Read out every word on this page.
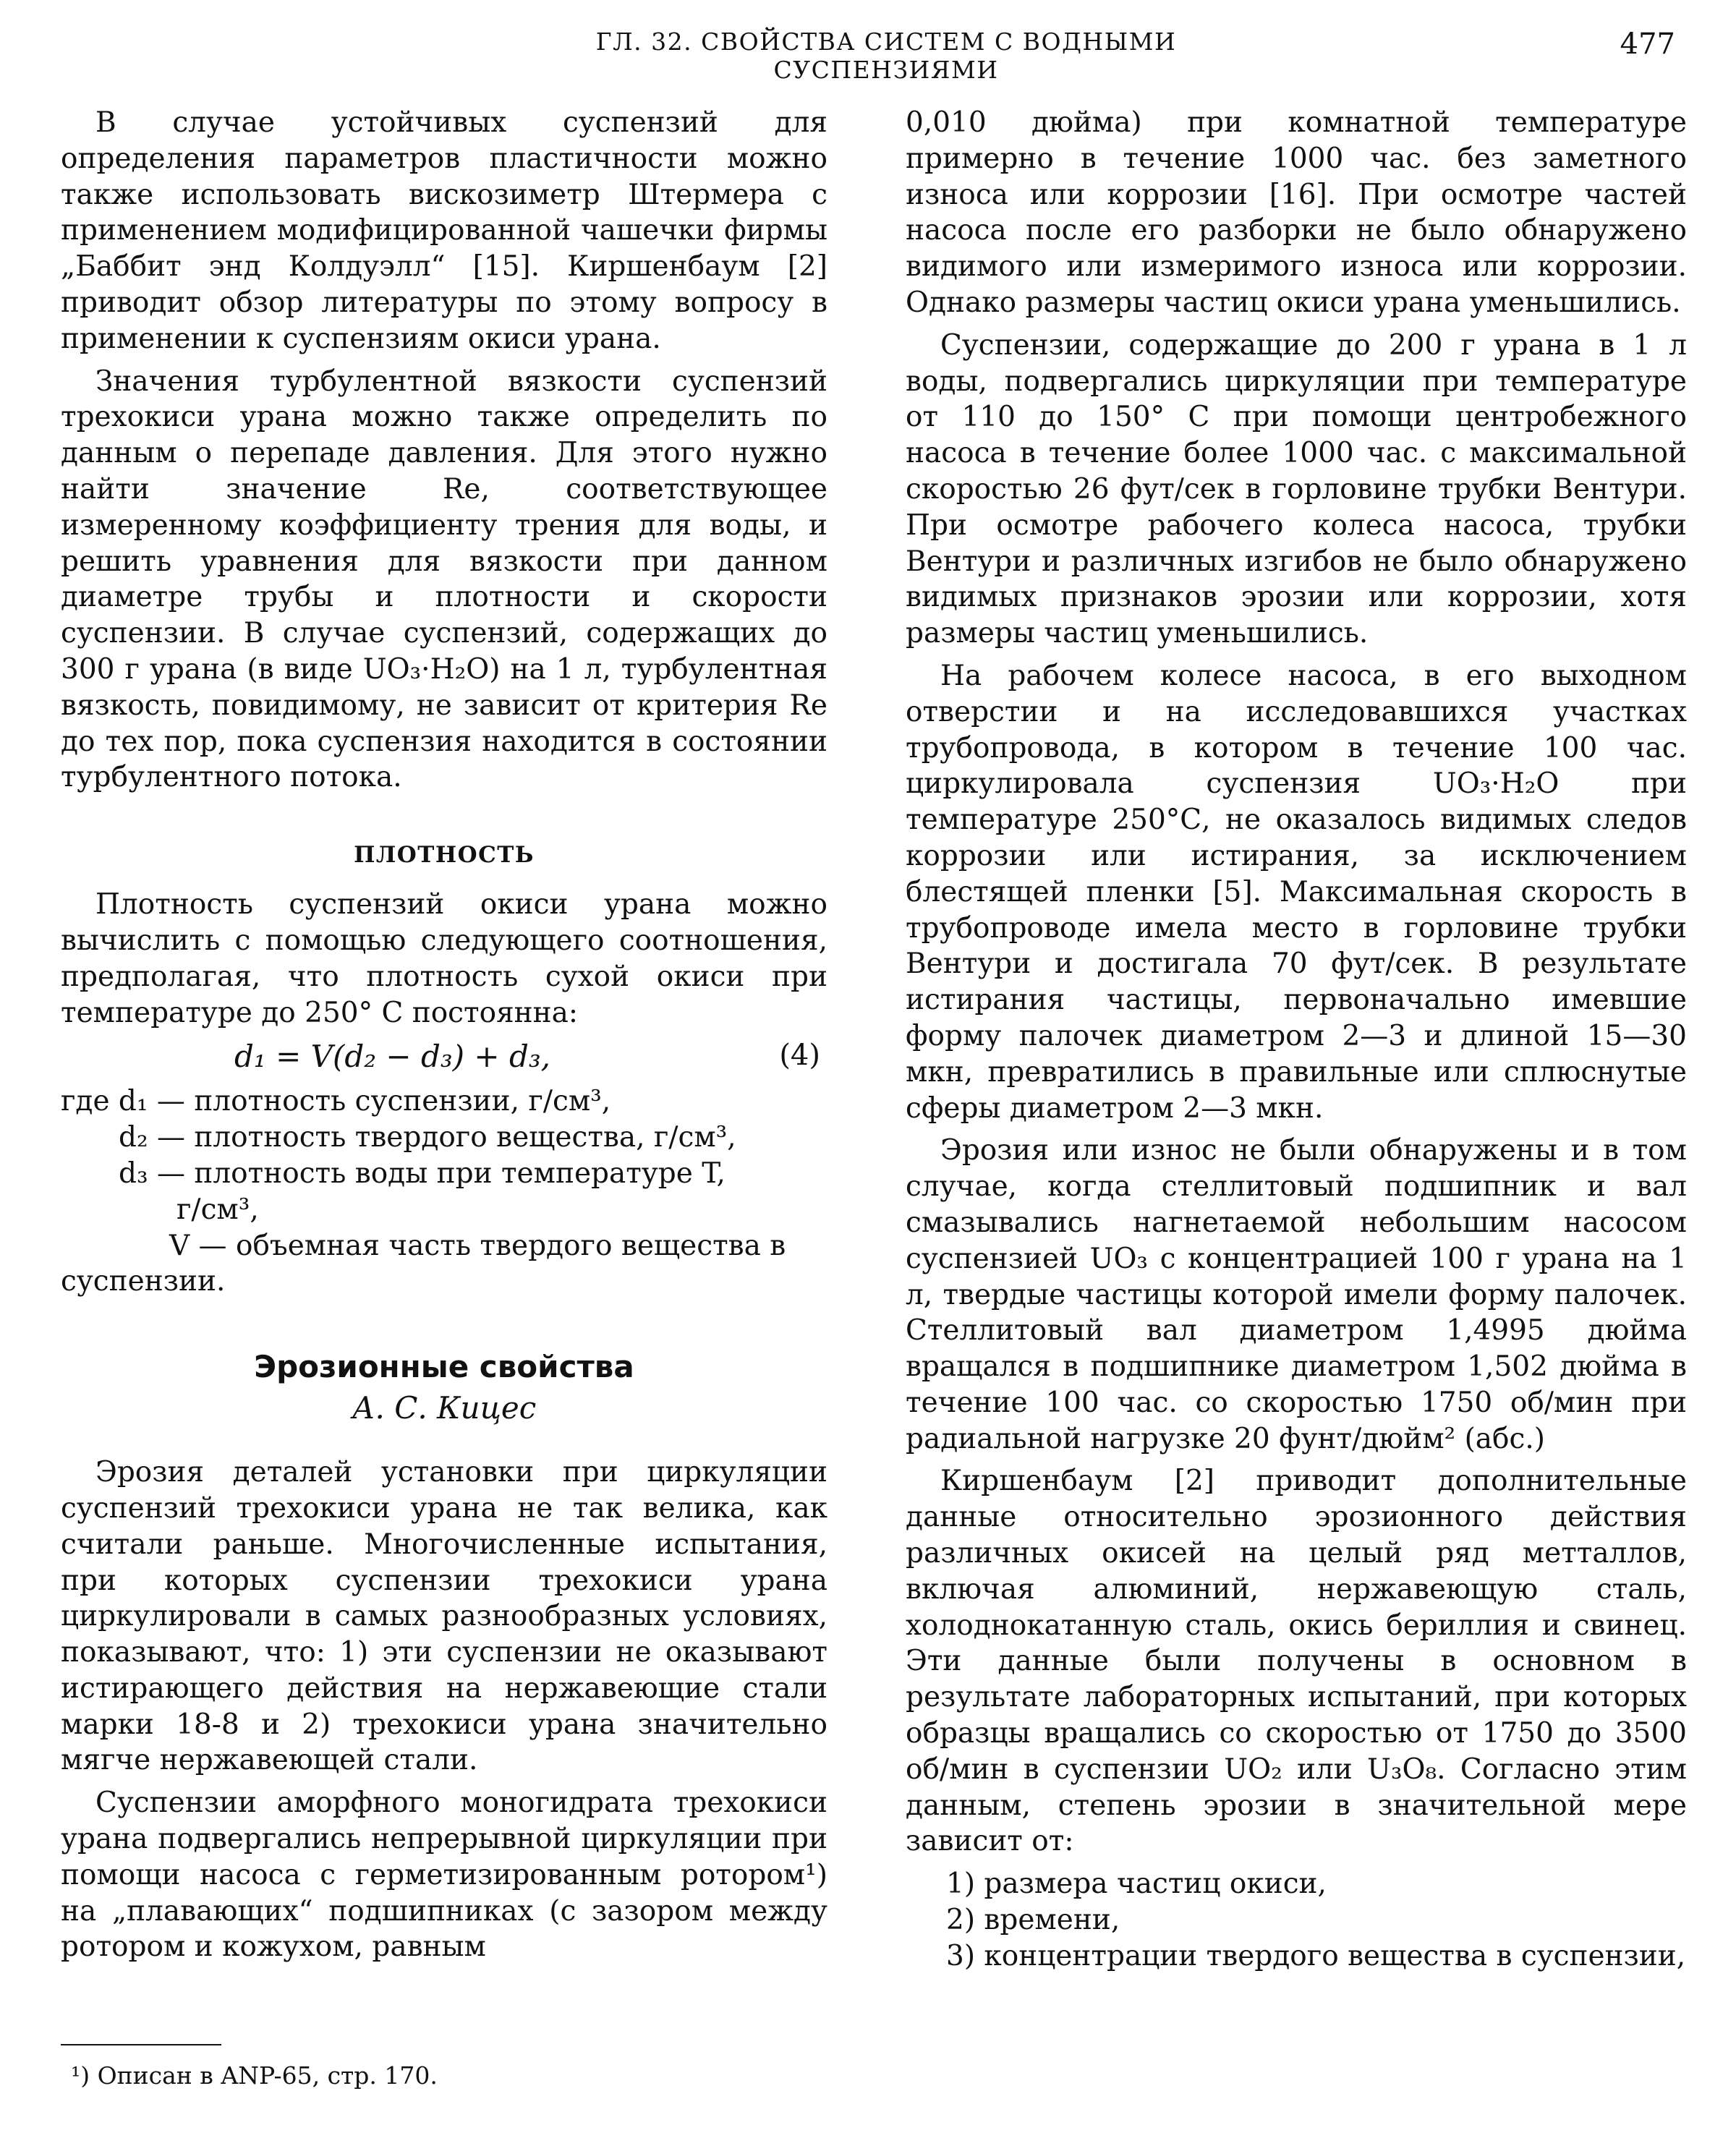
ГЛ. 32. СВОЙСТВА СИСТЕМ С ВОДНЫМИ СУСПЕНЗИЯМИ
477

В случае устойчивых суспензий для определения параметров пластичности можно также использовать вискозиметр Штермера с применением модифицированной чашечки фирмы „Баббит энд Колдуэлл“ [15]. Киршенбаум [2] приводит обзор литературы по этому вопросу в применении к суспензиям окиси урана.

Значения турбулентной вязкости суспензий трехокиси урана можно также определить по данным о перепаде давления. Для этого нужно найти значение Re, соответствующее измеренному коэффициенту трения для воды, и решить уравнения для вязкости при данном диаметре трубы и плотности и скорости суспензии. В случае суспензий, содержащих до 300 г урана (в виде UO₃·H₂O) на 1 л, турбулентная вязкость, повидимому, не зависит от критерия Re до тех пор, пока суспензия находится в состоянии турбулентного потока.

ПЛОТНОСТЬ

Плотность суспензий окиси урана можно вычислить с помощью следующего соотношения, предполагая, что плотность сухой окиси при температуре до 250° С постоянна:

d₁ = V(d₂ − d₃) + d₃,	(4)
где d₁ — плотность суспензии, г/см³,
d₂ — плотность твердого вещества, г/см³,
d₃ — плотность воды при температуре T,
г/см³,
V — объемная часть твердого вещества в
суспензии.
Эрозионные свойства
А. С. Кицес

Эрозия деталей установки при циркуляции суспензий трехокиси урана не так велика, как считали раньше. Многочисленные испытания, при которых суспензии трехокиси урана циркулировали в самых разнообразных условиях, показывают, что: 1) эти суспензии не оказывают истирающего действия на нержавеющие стали марки 18-8 и 2) трехокиси урана значительно мягче нержавеющей стали.

Суспензии аморфного моногидрата трехокиси урана подвергались непрерывной циркуляции при помощи насоса с герметизированным ротором¹) на „плавающих“ подшипниках (с зазором между ротором и кожухом, равным

¹) Описан в ANP-65, стр. 170.

0,010 дюйма) при комнатной температуре примерно в течение 1000 час. без заметного износа или коррозии [16]. При осмотре частей насоса после его разборки не было обнаружено видимого или измеримого износа или коррозии. Однако размеры частиц окиси урана уменьшились.

Суспензии, содержащие до 200 г урана в 1 л воды, подвергались циркуляции при температуре от 110 до 150° С при помощи центробежного насоса в течение более 1000 час. с максимальной скоростью 26 фут/сек в горловине трубки Вентури. При осмотре рабочего колеса насоса, трубки Вентури и различных изгибов не было обнаружено видимых признаков эрозии или коррозии, хотя размеры частиц уменьшились.

На рабочем колесе насоса, в его выходном отверстии и на исследовавшихся участках трубопровода, в котором в течение 100 час. циркулировала суспензия UO₃·H₂O при температуре 250°С, не оказалось видимых следов коррозии или истирания, за исключением блестящей пленки [5]. Максимальная скорость в трубопроводе имела место в горловине трубки Вентури и достигала 70 фут/сек. В результате истирания частицы, первоначально имевшие форму палочек диаметром 2—3 и длиной 15—30 мкн, превратились в правильные или сплюснутые сферы диаметром 2—3 мкн.

Эрозия или износ не были обнаружены и в том случае, когда стеллитовый подшипник и вал смазывались нагнетаемой небольшим насосом суспензией UO₃ с концентрацией 100 г урана на 1 л, твердые частицы которой имели форму палочек. Стеллитовый вал диаметром 1,4995 дюйма вращался в подшипнике диаметром 1,502 дюйма в течение 100 час. со скоростью 1750 об/мин при радиальной нагрузке 20 фунт/дюйм² (абс.)

Киршенбаум [2] приводит дополнительные данные относительно эрозионного действия различных окисей на целый ряд метталлов, включая алюминий, нержавеющую сталь, холоднокатанную сталь, окись бериллия и свинец. Эти данные были получены в основном в результате лабораторных испытаний, при которых образцы вращались со скоростью от 1750 до 3500 об/мин в суспензии UO₂ или U₃O₈. Согласно этим данным, степень эрозии в значительной мере зависит от:

1) размера частиц окиси,

2) времени,

3) концентрации твердого вещества в суспензии,
